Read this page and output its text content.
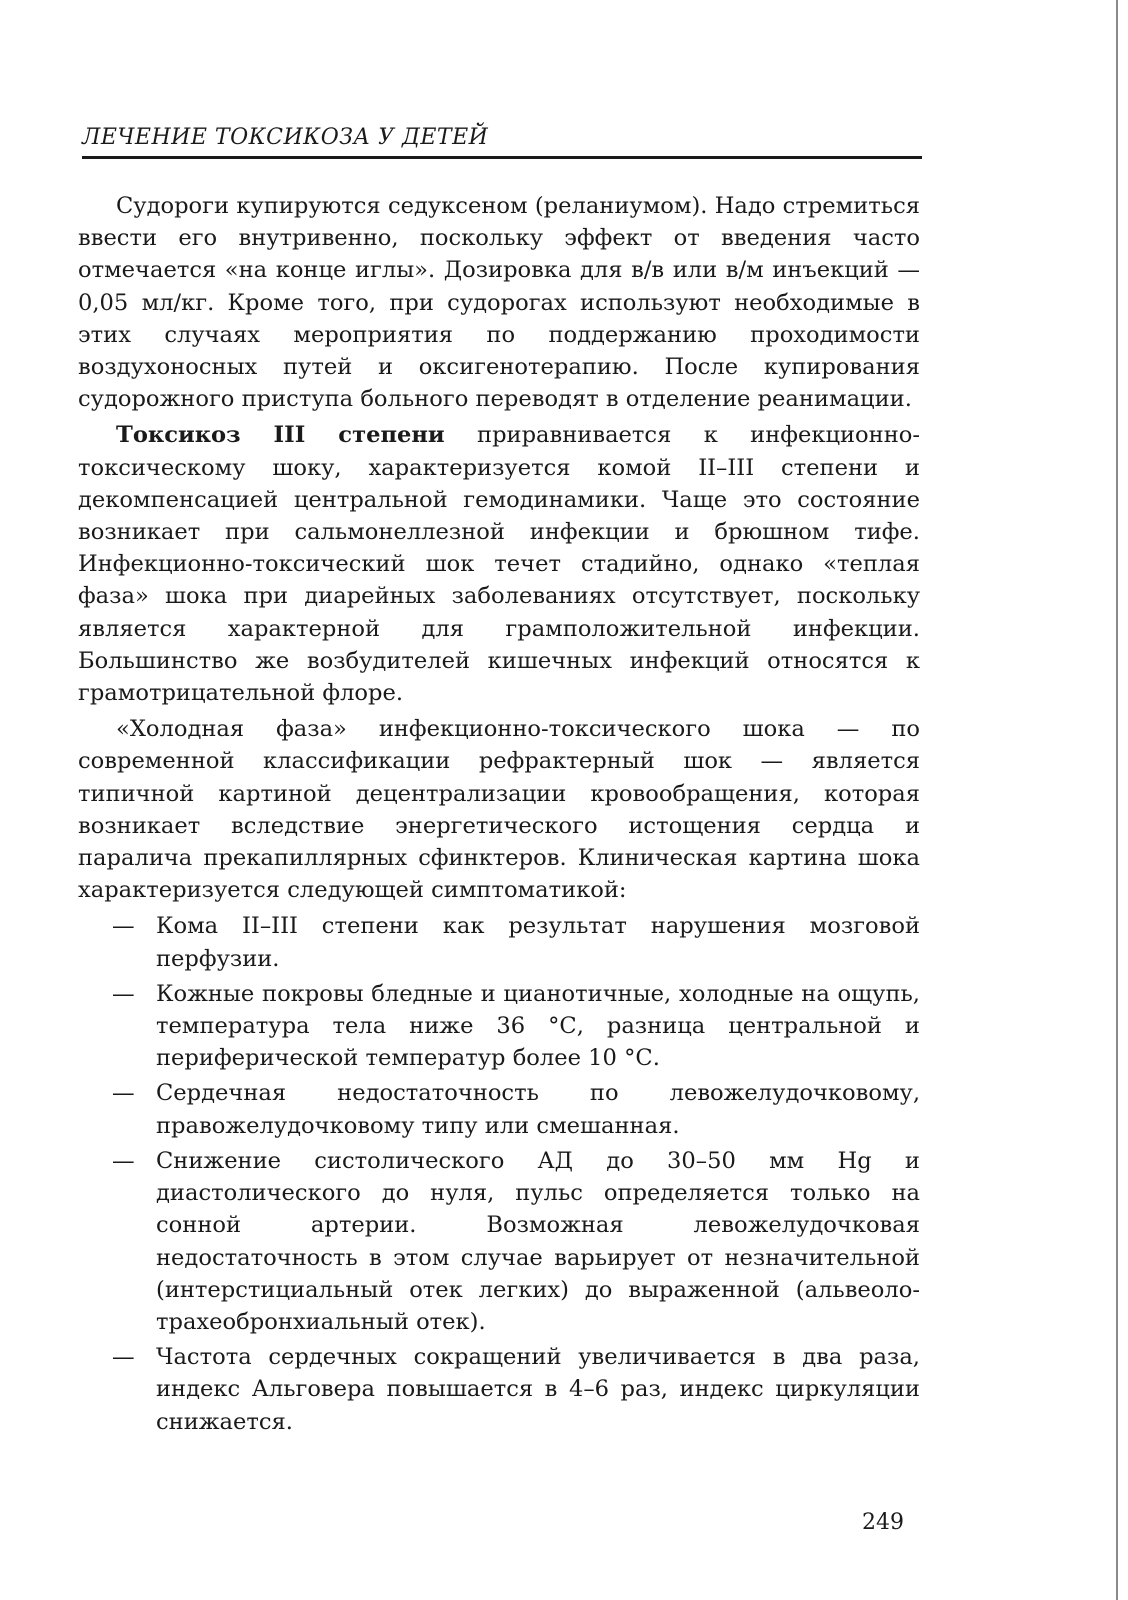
ЛЕЧЕНИЕ ТОКСИКОЗА У ДЕТЕЙ

Судороги купируются седуксеном (реланиумом). Надо стремиться ввести его внутривенно, поскольку эффект от введения часто отмечается «на конце иглы». Дозировка для в/в или в/м инъекций — 0,05 мл/кг. Кроме того, при судорогах используют необходимые в этих случаях мероприятия по поддержанию проходимости воздухоносных путей и оксигенотерапию. После купирования судорожного приступа больного переводят в отделение реанимации.

Токсикоз III степени приравнивается к инфекционно-токсическому шоку, характеризуется комой II–III степени и декомпенсацией центральной гемодинамики. Чаще это состояние возникает при сальмонеллезной инфекции и брюшном тифе. Инфекционно-токсический шок течет стадийно, однако «теплая фаза» шока при диарейных заболеваниях отсутствует, поскольку является характерной для грамположительной инфекции. Большинство же возбудителей кишечных инфекций относятся к грамотрицательной флоре.

«Холодная фаза» инфекционно-токсического шока — по современной классификации рефрактерный шок — является типичной картиной децентрализации кровообращения, которая возникает вследствие энергетического истощения сердца и паралича прекапиллярных сфинктеров. Клиническая картина шока характеризуется следующей симптоматикой:

— Кома II–III степени как результат нарушения мозговой перфузии.
— Кожные покровы бледные и цианотичные, холодные на ощупь, температура тела ниже 36 °С, разница центральной и периферической температур более 10 °С.
— Сердечная недостаточность по левожелудочковому, правожелудочковому типу или смешанная.
— Снижение систолического АД до 30–50 мм Hg и диастолического до нуля, пульс определяется только на сонной артерии. Возможная левожелудочковая недостаточность в этом случае варьирует от незначительной (интерстициальный отек легких) до выраженной (альвеоло-трахеобронхиальный отек).
— Частота сердечных сокращений увеличивается в два раза, индекс Альговера повышается в 4–6 раз, индекс циркуляции снижается.
249
